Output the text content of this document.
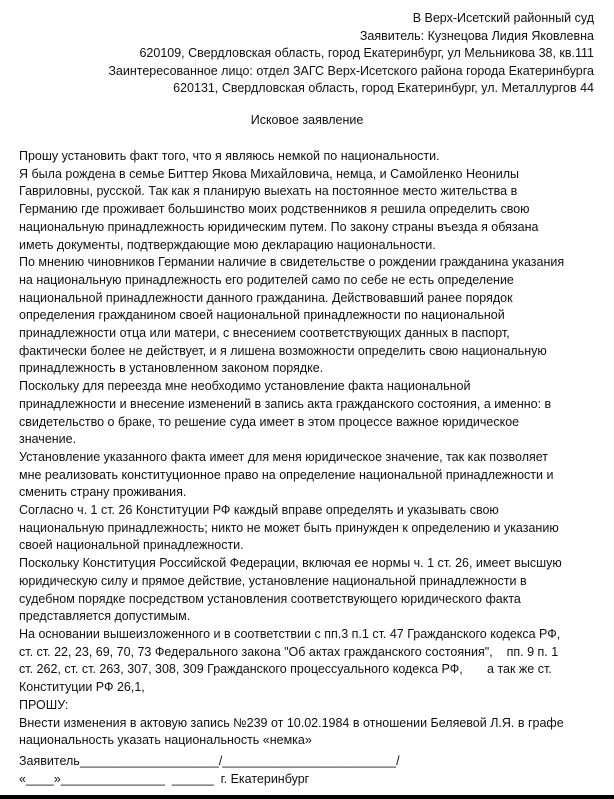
В Верх-Исетский районный суд
Заявитель: Кузнецова Лидия Яковлевна
620109, Свердловская область, город Екатеринбург, ул Мельникова 38, кв.111
Заинтересованное лицо: отдел ЗАГС Верх-Исетского района города Екатеринбурга
620131, Свердловская область, город Екатеринбург, ул. Металлургов 44
Исковое заявление
Прошу установить факт того, что я являюсь немкой по национальности.
Я была рождена в семье Биттер Якова Михайловича, немца, и Самойленко Неонилы
Гавриловны, русской. Так как я планирую выехать на постоянное место жительства в
Германию где проживает большинство моих родственников я решила определить свою
национальную принадлежность юридическим путем. По закону страны въезда я обязана
иметь документы, подтверждающие мою декларацию национальности.
По мнению чиновников Германии наличие в свидетельстве о рождении гражданина указания
на национальную принадлежность его родителей само по себе не есть определение
национальной принадлежности данного гражданина. Действовавший ранее порядок
определения гражданином своей национальной принадлежности по национальной
принадлежности отца или матери, с внесением соответствующих данных в паспорт,
фактически более не действует, и я лишена возможности определить свою национальную
принадлежность в установленном законом порядке.
Поскольку для переезда мне необходимо установление факта национальной
принадлежности и внесение изменений в запись акта гражданского состояния, а именно: в
свидетельство о браке, то решение суда имеет в этом процессе важное юридическое
значение.
Установление указанного факта имеет для меня юридическое значение, так как позволяет
мне реализовать конституционное право на определение национальной принадлежности и
сменить страну проживания.
Согласно ч. 1 ст. 26 Конституции РФ каждый вправе определять и указывать свою
национальную принадлежность; никто не может быть принужден к определению и указанию
своей национальной принадлежности.
Поскольку Конституция Российской Федерации, включая ее нормы ч. 1 ст. 26, имеет высшую
юридическую силу и прямое действие, установление национальной принадлежности в
судебном порядке посредством установления соответствующего юридического факта
представляется допустимым.
На основании вышеизложенного и в соответствии с пп.3 п.1 ст. 47 Гражданского кодекса РФ,
ст. ст. 22, 23, 69, 70, 73 Федерального закона "Об актах гражданского состояния",    пп. 9 п. 1
ст. 262, ст. ст. 263, 307, 308, 309 Гражданского процессуального кодекса РФ,       а так же ст.
Конституции РФ 26,1,
ПРОШУ:
Внести изменения в актовую запись №239 от 10.02.1984 в отношении Беляевой Л.Я. в графе
национальность указать национальность «немка»
Заявитель____________________/_________________________/
«____»_______________  ______  г. Екатеринбург
